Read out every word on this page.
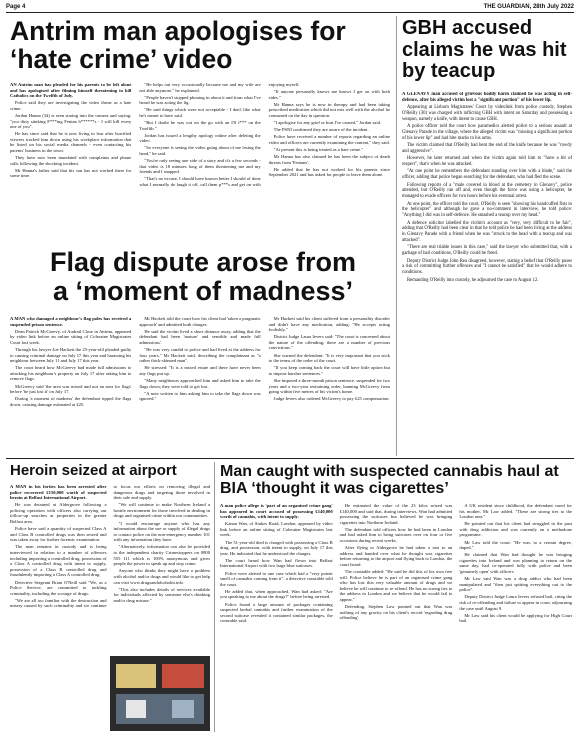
Page 4	THE GUARDIAN, 28th July 2022
Antrim man apologises for ‘hate crime’ video

AN Antrim man has pleaded for his parents to be left alone and has apologised after filming himself threatening to kill Catholics on the Twelfth of July.

Police said they are investigating the video threat as a hate crime.

Jordan Hanna (34) is seen staring into the camera and saying: "you dirty stinking F***ing Fenian b******s - I will kill every one of you".

He has since said that he is now living in fear after horrified viewers tracked him down using his workplace information that he listed on his social media channels - even contacting his parents' business in the town.

They have now been inundated with complaints and phone calls following the shocking incident.

Mr Hanna's father said that his son has not worked there for some time.

"He helps out very occasionally because me and my wife are not able anymore," he explained.

"People haven't stopped phoning in about it and from what I've heard he was acting the lig.

"He said things which were not acceptable - I don't like what he's meant to have said.

"But I doubt he was out on the go with an I'll f*** on the Twelfth."

Jordan has issued a lengthy apology online after deleting the video.

"So everyone is seeing the video going about of me losing the head," he said.

"You're only seeing one side of a story and it's a few seconds - that video is 18 minutes long of them threatening me and my friends and I snapped.

"That's no excuse, I should have known better I should of done what I normally do laugh it off, call them p***s and get on with enjoying myself.

"If anyone personally knows me knows I get on with both sides."

Mr Hanna says he is now in therapy and had been taking prescribed medication which did not mix well with the alcohol he consumed on the day in question.

"I apologise for any grief or hurt I've caused," Jordan said.

The PSNI confirmed they are aware of the incident.

Police have received a number of reports regarding an online video and officers are currently examining the content," they said.

"At present this is being treated as a hate crime."

Mr Hanna has also claimed he has been the subject of death threats from 'Fenians'.

He added that he has not worked for his parents since September 2021 and has asked for people to leave them alone.

GBH accused claims he was hit by teacup

A GLENAVY man accused of grievous bodily harm claimed he was acting in self-defence, after his alleged victim lost a "significant portion" of his lower lip.

Appearing at Lisburn Magistrates' Court by videolink from police custody, Stephen O'Reilly (30) was charged with inflicting GBH with intent on Saturday and possessing a weapon, namely a knife, with intent to cause GBH.

A police officer told the court how paramedics alerted police to a serious assault at Glenavy Parade in the village, where the alleged victim was "missing a significant portion of his lower lip" and had bite marks to his arms.

The victim claimed that O'Reilly had bent the end of the knife because he was "rowdy and aggressive".

However, he later returned and when the victim again told him to "have a bit of respect", that's when he was attacked.

"At one point he remembers the defendant standing over him with a blade," said the officer, adding that police began searching for the defendant, who had fled the scene.

Following reports of a "male covered in blood at the cemetery in Glenavy", police attended, but O'Reilly ran off and, even though the force was using a helicopter, he managed to evade officers for two hours before his eventual arrest.

At one point, the officer told the court, O'Reilly is seen "showing his handcuffed fists to the helicopter" and although he gave a no-comment in interview, he told police: "Anything I did was in self-defence. He smashed a teacup over my head."

A defence solicitor labelled the victim's account as "very, very difficult to be fair", adding that O'Reilly had been clear in that he told police he had been living at the address in Glenavy Parade with a friend when he was "struck to the head with a teacup and was attacked".

"There are real triable issues in this case," said the lawyer who submitted that, with a garbage of bail conditions, O'Reilly could be freed.

Deputy District Judge John Rea disagreed, however, stating a belief that O'Reilly poses a risk of committing further offences and "I cannot be satisfied" that he would adhere to conditions.

Remanding O'Reilly into custody, he adjourned the case to August 12.

Flag dispute arose from
a ‘moment of madness’

A MAN who damaged a neighbour's flag poles has received a suspended prison sentence.

Dean Patrick McGreevy, of Audrail Close in Antrim, appeared by video link before an online sitting of Coleraine Magistrates Court last week.

Through his lawyer Joe Hackett the 25-year-old pleaded guilty to causing criminal damage on July 17 this year and harassing his neighbour between July 11 and July 17 this year.

The court heard how McGreevy had made full admissions to attacking his neighbour's property on July 17 after asking him to remove flags.

McGreevy said 'the area was mixed and not an area for flags' before 'he just lost it' on July 17.

During 'a moment of madness' the defendant ripped the flags down, causing damage estimated at £25.

Mr Hackett told the court how his client had 'taken a pragmatic approach' and admitted both charges.

He said the victim lived a short distance away, adding that the defendant had been 'mature' and sensible and made full admissions'.

"He was very candid to police and had lived at the address for four years," Mr Hackett said, describing the complainant as "a rather thick-skinned man".

He stressed: "It is a mixed estate and there have never been any flags put up.

"Many neighbours approached him and asked him to take the flags down; they were told to get lost.

"A note written to him asking him to take the flags down was ignored."

Mr Hackett said his client suffered from a personality disorder and didn't have any medication, adding: "He accepts acting foolishly."

District Judge Laura Ievers said: "The court is concerned about the nature of the offending; there are a number of previous convictions."

She warned the defendant: "It is very important that you stick to the terms of the order of the court.

"If you keep coming back the court will have little option but to impose harsher sentences."

She imposed a three-month prison sentence, suspended for two years and a two-year restraining order, banning McGreevy from going within five metres of his victim's home.

Judge Ievers also ordered McGreevy to pay £25 compensation.

Heroin seized at airport

A MAN in his forties has been arrested after police recovered £150,000 worth of suspected heroin at Belfast International Airport.

He was detained at Aldergrove following a policing operation with officers also carrying out follow-up searches at properties in the greater Belfast area.

Police have said a quantity of suspected Class A and Class B controlled drugs was then seized and was taken away for further forensic examination.

The man remains in custody and is being interviewed in relation to a number of offences including importing a controlled drug, possession of a Class A controlled drug with intent to supply, possession of a Class B controlled drug and fraudulently importing a Class A controlled drug.

Detective Sergeant Brian O'Neill said "We, as a Police Service, are committed to tackling criminality, including the scourge of drugs.

"We are all too familiar with the destruction and misery caused by such criminality and we continue to focus our efforts on removing illegal and dangerous drugs and targeting those involved in their sale and supply.

"We will continue to make Northern Ireland a hostile environment for those involved in dealing in drugs and organised crime within our communities.

"I would encourage anyone who has any information about the use or supply of illegal drugs to contact police on the non-emergency number 101 with any information they have.

"Alternatively, information can also be provided to the independent charity Crimestoppers on 0800 555 111 which is 100% anonymous and gives people the power to speak up and stop crime.

Anyone who thinks they might have a problem with alcohol and/or drugs and would like to get help can visit www.drugsandalcoholni.info

"This also includes details of services available for individuals affected by someone else's drinking and/or drug misuse."

Man caught with suspected cannabis haul at BIA ‘thought it was cigarettes’

A man police allege is 'part of an organised crime gang' has appeared in court accused of possessing £140,000 worth of cannabis, with intent to supply.

Kanan Wan, of Stukes Road, London, appeared by video link before an online sitting of Coleraine Magistrates last week.

The 51-year-old died is charged with possessing a Class B drug, and possession, with intent to supply, on July 17 this year. He indicated that he understood the charges.

The court heard how Wan had flown into Belfast International Airport with two large blue suitcases.

Police were alerted to one case which had a "very potent smell of cannabis coming from it", a detective constable told the court.

He added that, when approached, Wan had asked: "Are you speaking to me about the drugs?" before being arrested.

Police found a large amount of packages containing suspected herbal cannabis and further examination of the second suitcase revealed it contained similar packages, the constable said.

He estimated the value of the 23 kilos seized was £140,000 and said that, during interviews, Wan had admitted possessing the suitcases but believed he was bringing cigarettes into Northern Ireland.

The defendant told officers how he had been in London and had asked him to bring suitcases over on four or five occasions during recent weeks.

After flying to Aldergrove he had taken a taxi to an address and handed over what he thought was cigarettes before returning to the airport and flying back to London, the court heard.

The constable added: "He said he did this of his own free will. Police believe he is part of an organised crime gang who has lost this very valuable amount of drugs and we believe he will continue to re-offend. He has no strong ties to the address in London and we believe that he would fail to appear."

Defending, Stephen Law pointed out that Wan was nothing of any gravity on his client's record 'regarding drug offending'.

A UK resident since childhood, the defendant cared for his mother, Mr Law added. "These are strong ties to the London area."

He pointed out that his client had struggled in the past with drug addiction and was currently on a methadone programme.

Mr Law told the court: "He was, to a certain degree, duped."

He claimed that Wan had thought he was bringing cigarettes into Ireland and was planning to return on the same day, had co-operated fully with police and been 'genuinely open' with officers.

Mr Law said Wan was a drug addict who had been manipulated and "then just spitting everything out to the police".

Deputy District Judge Laura Ievers refused bail, citing the risk of re-offending and failure to appear in court, adjourning the case until August 9.

Mr Law said his client would be applying for High Court bail.
